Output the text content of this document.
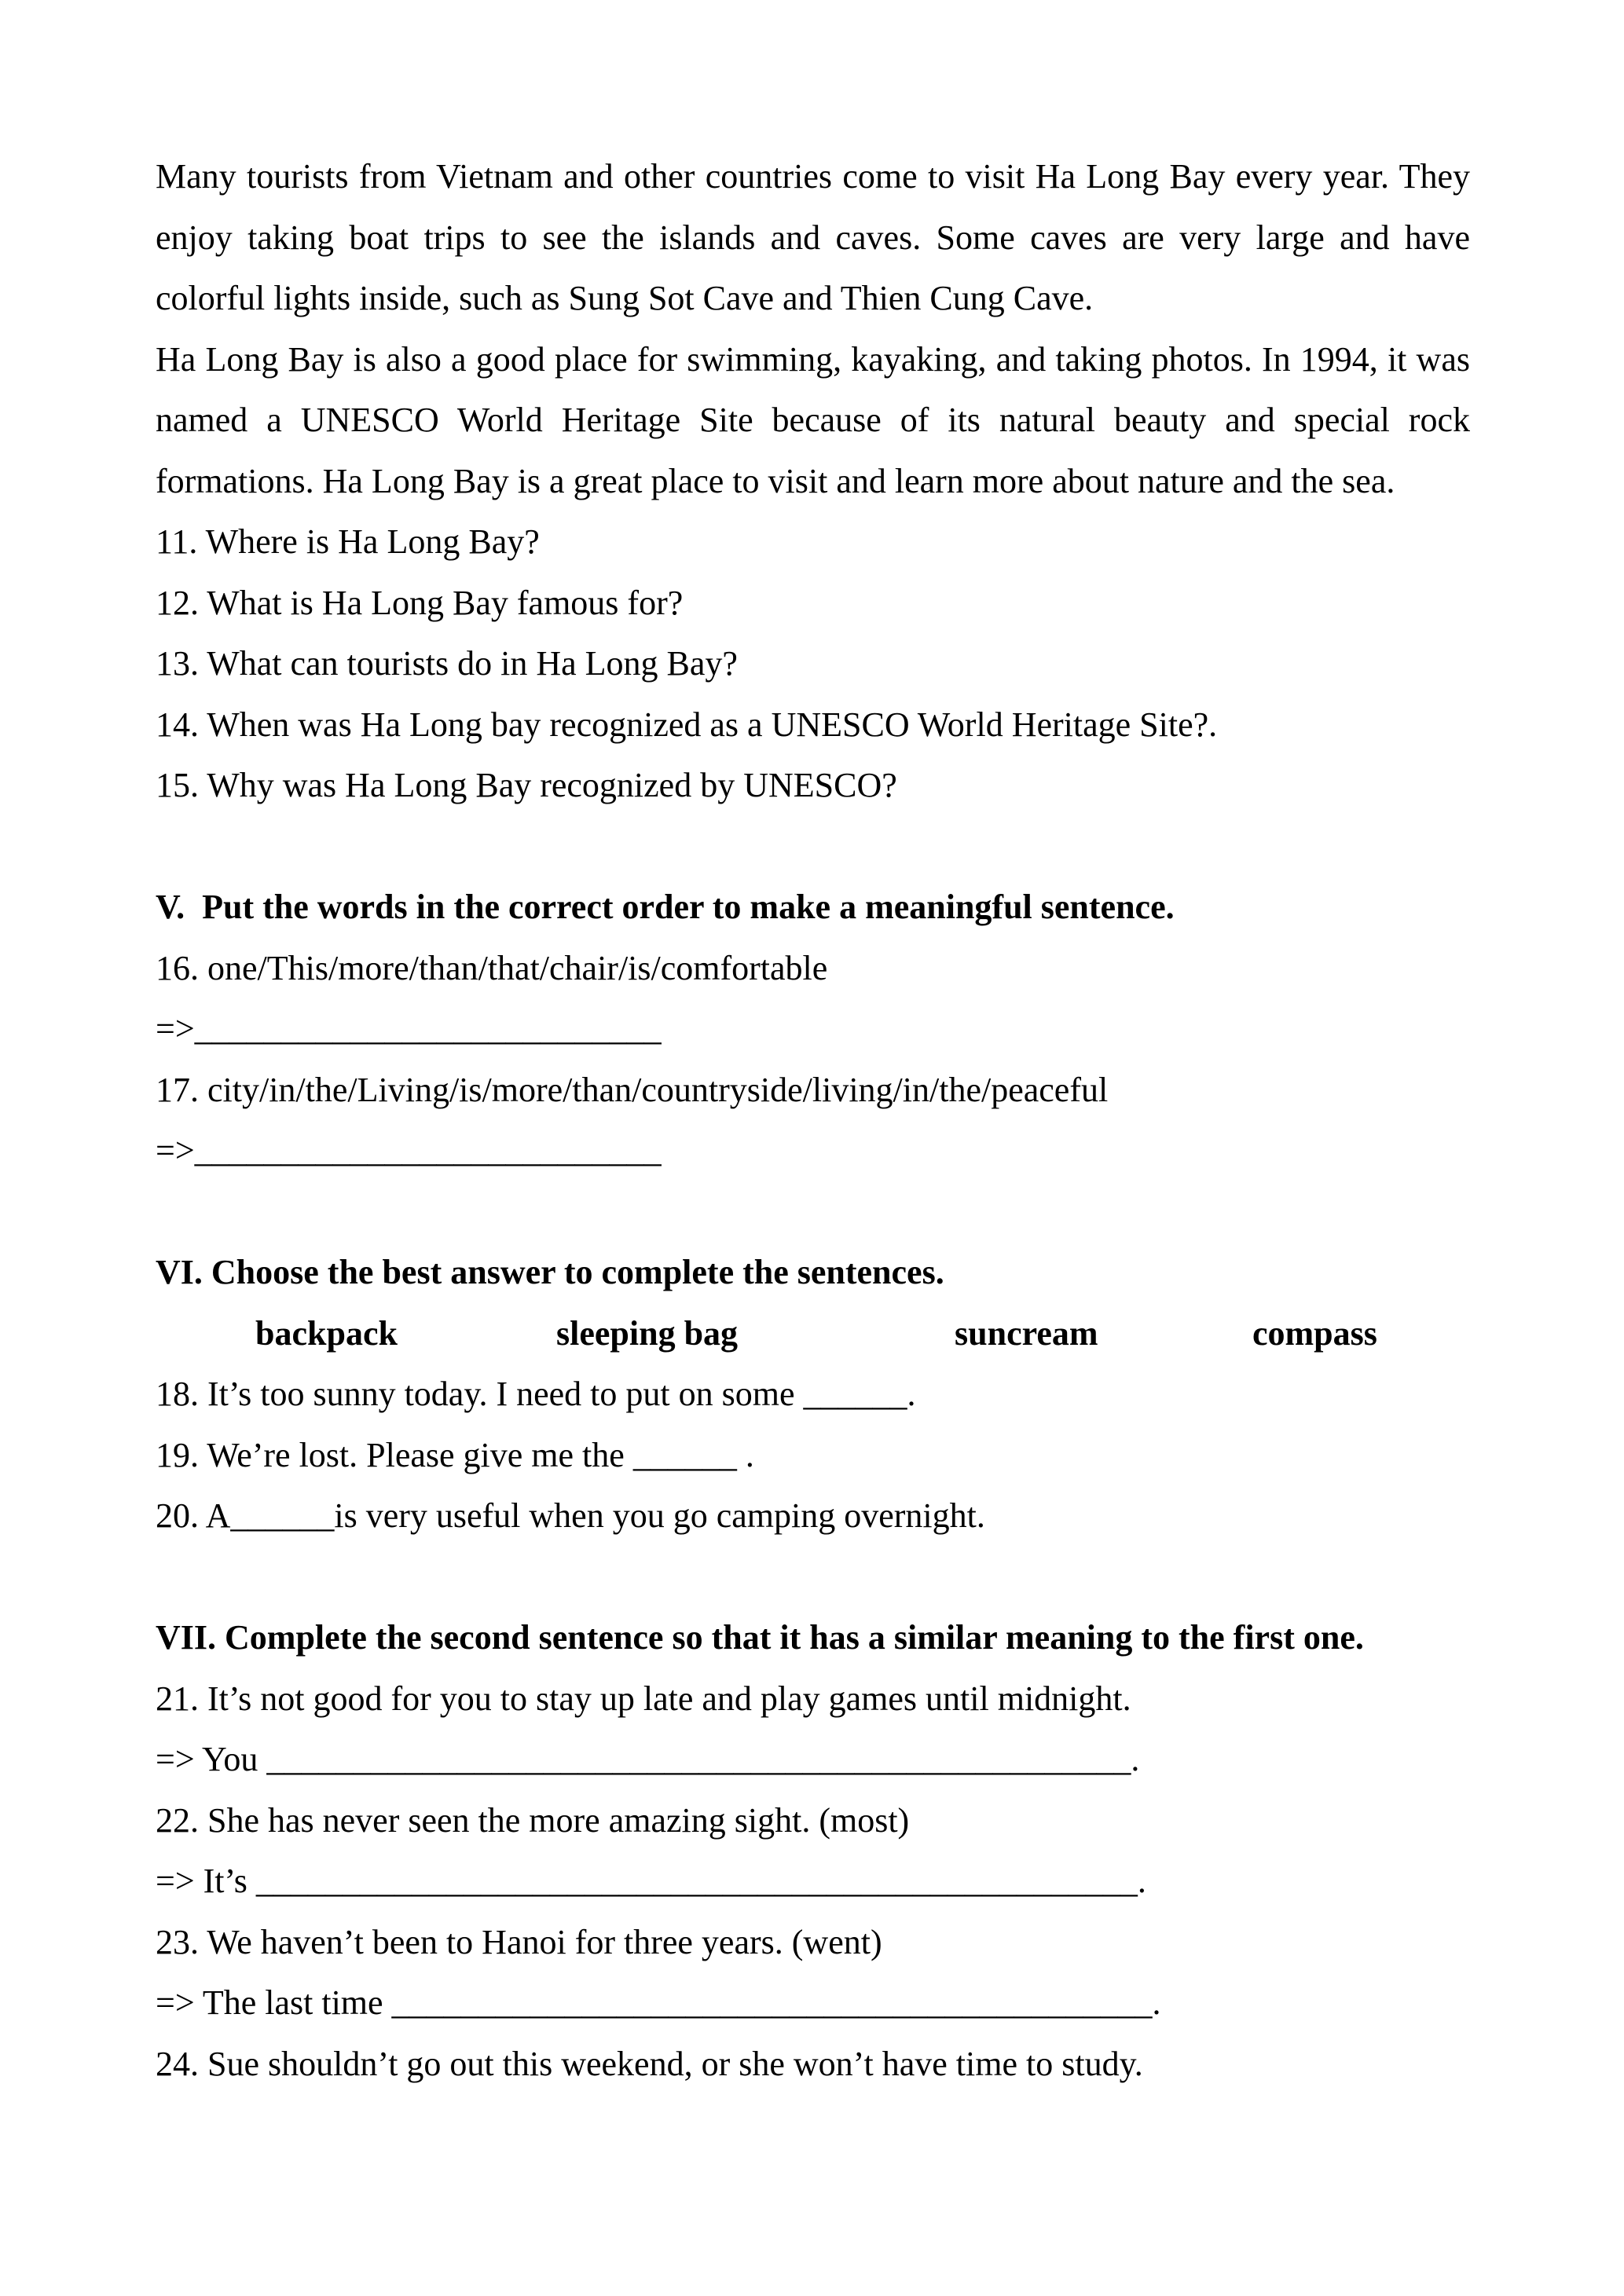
Many tourists from Vietnam and other countries come to visit Ha Long Bay every year. They
enjoy taking boat trips to see the islands and caves. Some caves are very large and have
colorful lights inside, such as Sung Sot Cave and Thien Cung Cave.
Ha Long Bay is also a good place for swimming, kayaking, and taking photos. In 1994, it was
named a UNESCO World Heritage Site because of its natural beauty and special rock
formations. Ha Long Bay is a great place to visit and learn more about nature and the sea.
11. Where is Ha Long Bay?
12. What is Ha Long Bay famous for?
13. What can tourists do in Ha Long Bay?
14. When was Ha Long bay recognized as a UNESCO World Heritage Site?.
15. Why was Ha Long Bay recognized by UNESCO?
V.  Put the words in the correct order to make a meaningful sentence.
16. one/This/more/than/that/chair/is/comfortable
=>___________________________
17. city/in/the/Living/is/more/than/countryside/living/in/the/peaceful
=>___________________________
VI. Choose the best answer to complete the sentences.

backpack

	sleeping bag

	suncream

	compass

18. It’s too sunny today. I need to put on some ______.
19. We’re lost. Please give me the ______ .
20. A______is very useful when you go camping overnight.
VII. Complete the second sentence so that it has a similar meaning to the first one.
21. It’s not good for you to stay up late and play games until midnight.
=> You __________________________________________________.
22. She has never seen the more amazing sight. (most)
=> It’s ___________________________________________________.
23. We haven’t been to Hanoi for three years. (went)
=> The last time ____________________________________________.
24. Sue shouldn’t go out this weekend, or she won’t have time to study.
